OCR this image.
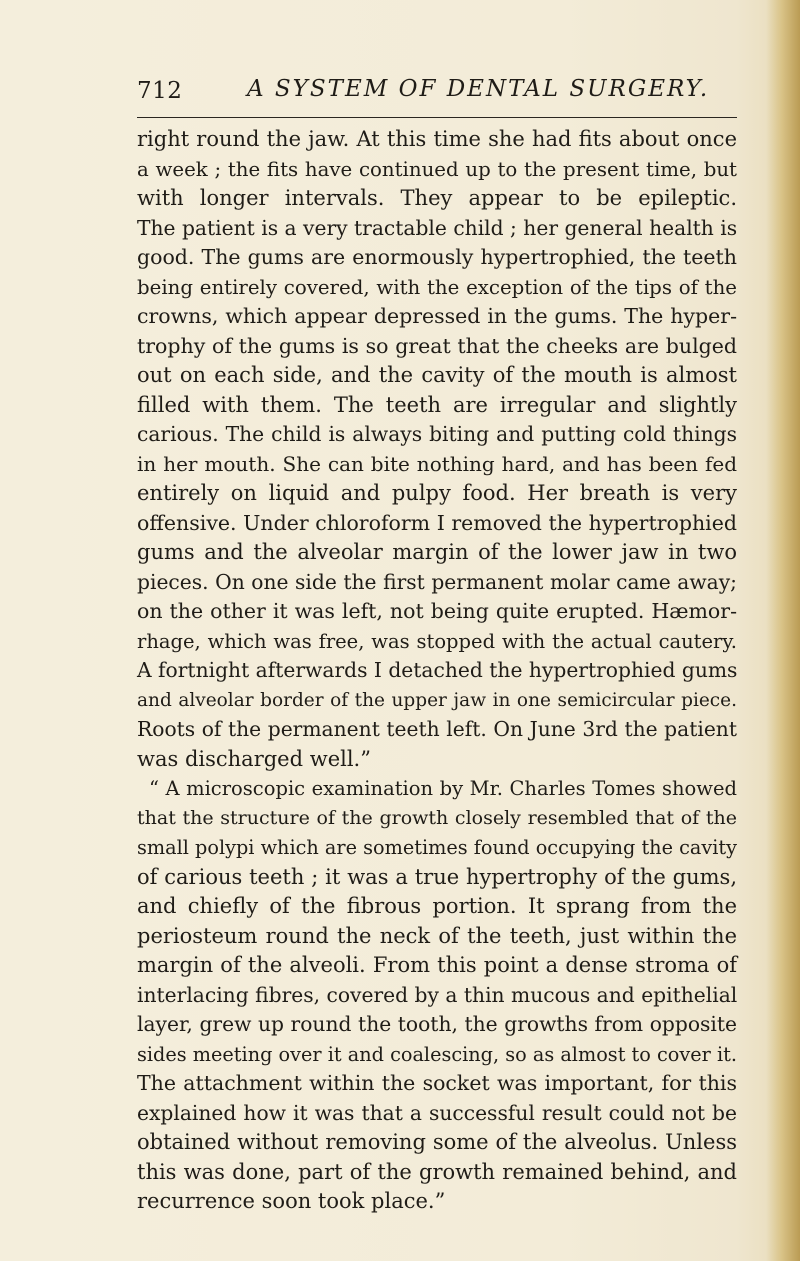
712	A SYSTEM OF DENTAL SURGERY.
right round the jaw. At this time she had fits about once
a week ; the fits have continued up to the present time, but
with longer intervals. They appear to be epileptic.
The patient is a very tractable child ; her general health is
good. The gums are enormously hypertrophied, the teeth
being entirely covered, with the exception of the tips of the
crowns, which appear depressed in the gums. The hyper-
trophy of the gums is so great that the cheeks are bulged
out on each side, and the cavity of the mouth is almost
filled with them. The teeth are irregular and slightly
carious. The child is always biting and putting cold things
in her mouth. She can bite nothing hard, and has been fed
entirely on liquid and pulpy food. Her breath is very
offensive. Under chloroform I removed the hypertrophied
gums and the alveolar margin of the lower jaw in two
pieces. On one side the first permanent molar came away;
on the other it was left, not being quite erupted. Hæmor-
rhage, which was free, was stopped with the actual cautery.
A fortnight afterwards I detached the hypertrophied gums
and alveolar border of the upper jaw in one semicircular piece.
Roots of the permanent teeth left. On June 3rd the patient
was discharged well.”
“ A microscopic examination by Mr. Charles Tomes showed
that the structure of the growth closely resembled that of the
small polypi which are sometimes found occupying the cavity
of carious teeth ; it was a true hypertrophy of the gums,
and chiefly of the fibrous portion. It sprang from the
periosteum round the neck of the teeth, just within the
margin of the alveoli. From this point a dense stroma of
interlacing fibres, covered by a thin mucous and epithelial
layer, grew up round the tooth, the growths from opposite
sides meeting over it and coalescing, so as almost to cover it.
The attachment within the socket was important, for this
explained how it was that a successful result could not be
obtained without removing some of the alveolus. Unless
this was done, part of the growth remained behind, and
recurrence soon took place.”
